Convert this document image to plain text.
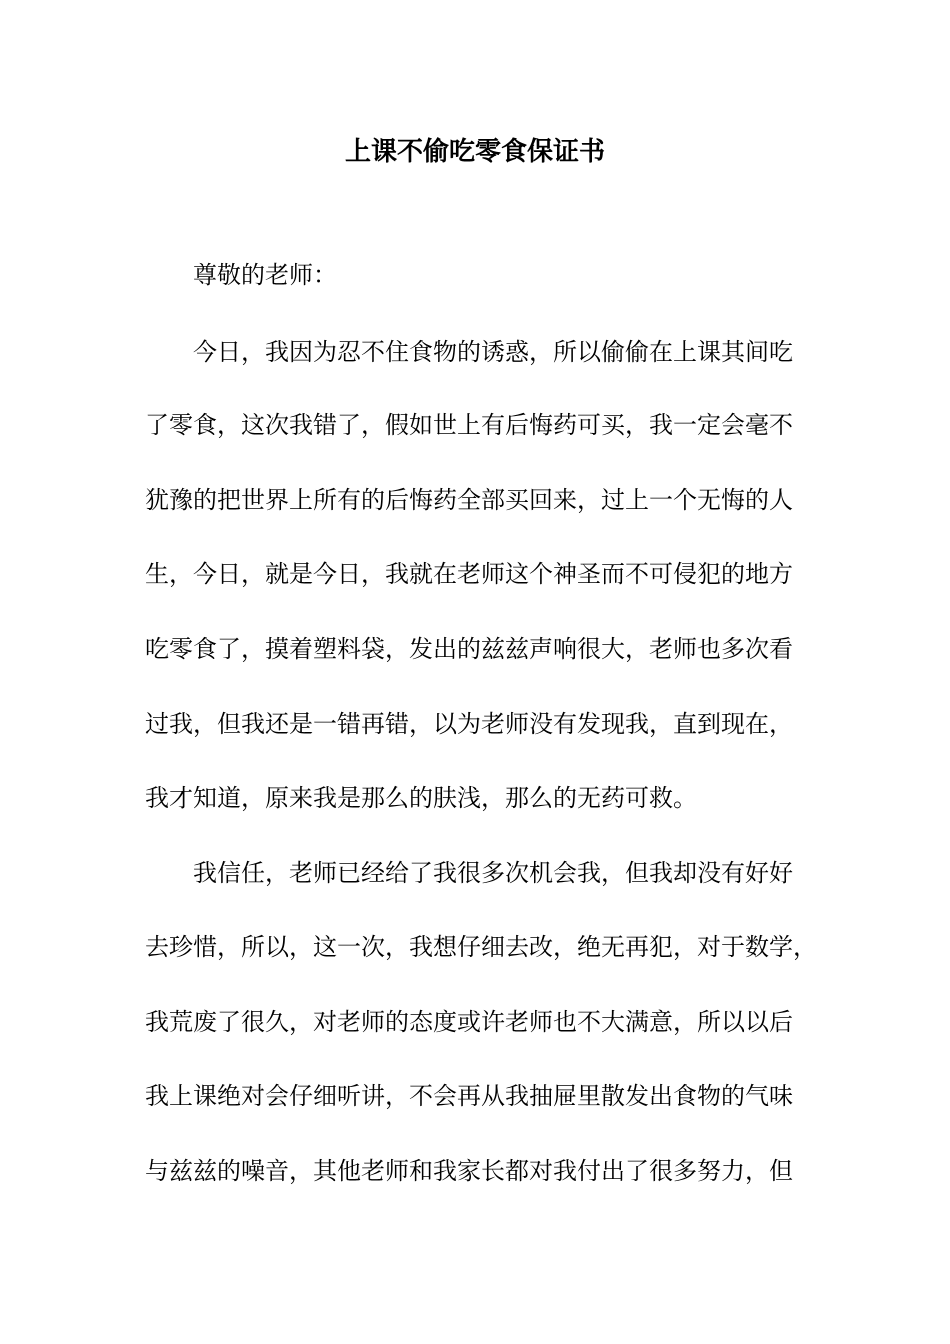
上课不偷吃零食保证书
尊敬的老师：
今日，我因为忍不住食物的诱惑，所以偷偷在上课其间吃
了零食，这次我错了，假如世上有后悔药可买，我一定会毫不
犹豫的把世界上所有的后悔药全部买回来，过上一个无悔的人
生，今日，就是今日，我就在老师这个神圣而不可侵犯的地方
吃零食了，摸着塑料袋，发出的兹兹声响很大，老师也多次看
过我，但我还是一错再错，以为老师没有发现我，直到现在，
我才知道，原来我是那么的肤浅，那么的无药可救。
我信任，老师已经给了我很多次机会我，但我却没有好好
去珍惜，所以，这一次，我想仔细去改，绝无再犯，对于数学，
我荒废了很久，对老师的态度或许老师也不大满意，所以以后
我上课绝对会仔细听讲，不会再从我抽屉里散发出食物的气味
与兹兹的噪音，其他老师和我家长都对我付出了很多努力，但
